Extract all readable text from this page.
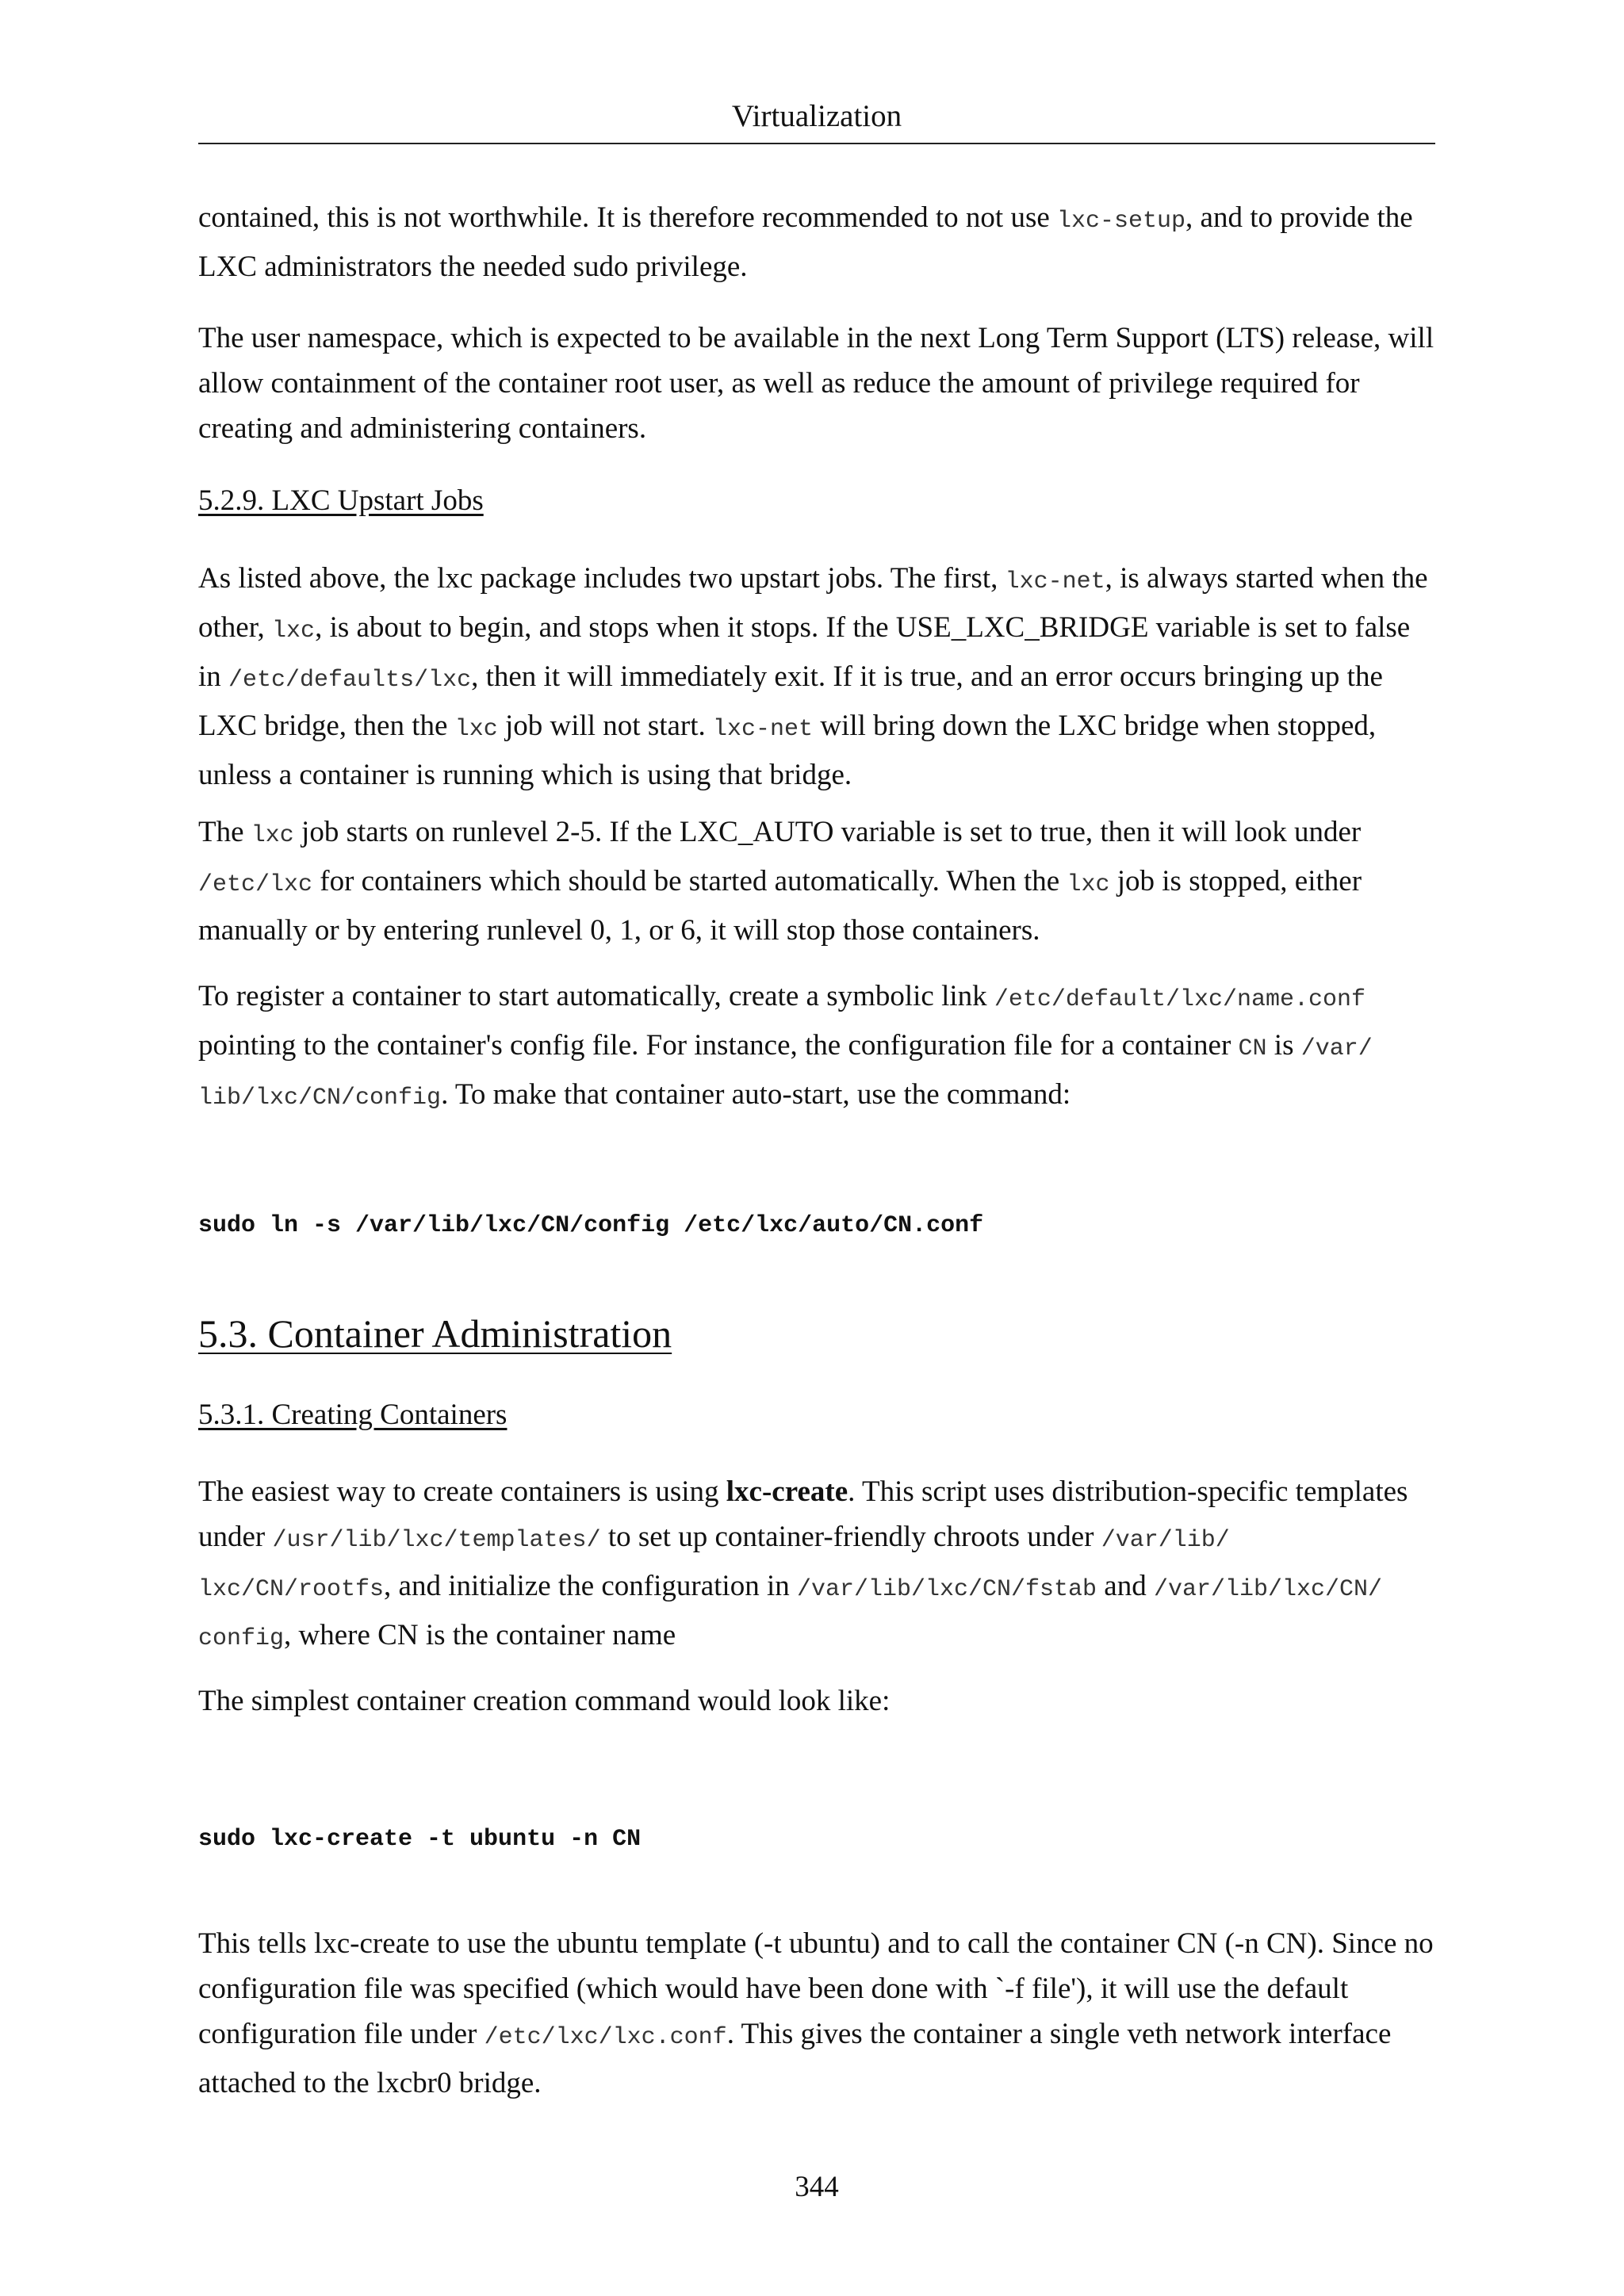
Virtualization

contained, this is not worthwhile. It is therefore recommended to not use lxc-setup, and to provide the LXC administrators the needed sudo privilege.

The user namespace, which is expected to be available in the next Long Term Support (LTS) release, will allow containment of the container root user, as well as reduce the amount of privilege required for creating and administering containers.

5.2.9. LXC Upstart Jobs

As listed above, the lxc package includes two upstart jobs. The first, lxc-net, is always started when the other, lxc, is about to begin, and stops when it stops. If the USE_LXC_BRIDGE variable is set to false in /etc/defaults/lxc, then it will immediately exit. If it is true, and an error occurs bringing up the LXC bridge, then the lxc job will not start. lxc-net will bring down the LXC bridge when stopped, unless a container is running which is using that bridge.

The lxc job starts on runlevel 2-5. If the LXC_AUTO variable is set to true, then it will look under /etc/lxc for containers which should be started automatically. When the lxc job is stopped, either manually or by entering runlevel 0, 1, or 6, it will stop those containers.

To register a container to start automatically, create a symbolic link /etc/default/lxc/name.conf pointing to the container's config file. For instance, the configuration file for a container CN is /var/
lib/lxc/CN/config. To make that container auto-start, use the command:

sudo ln -s /var/lib/lxc/CN/config /etc/lxc/auto/CN.conf

5.3. Container Administration

5.3.1. Creating Containers

The easiest way to create containers is using lxc-create. This script uses distribution-specific templates under /usr/lib/lxc/templates/ to set up container-friendly chroots under /var/lib/
lxc/CN/rootfs, and initialize the configuration in /var/lib/lxc/CN/fstab and /var/lib/lxc/CN/
config, where CN is the container name

The simplest container creation command would look like:

sudo lxc-create -t ubuntu -n CN

This tells lxc-create to use the ubuntu template (-t ubuntu) and to call the container CN (-n CN). Since no configuration file was specified (which would have been done with `-f file'), it will use the default configuration file under /etc/lxc/lxc.conf. This gives the container a single veth network interface attached to the lxcbr0 bridge.

344
